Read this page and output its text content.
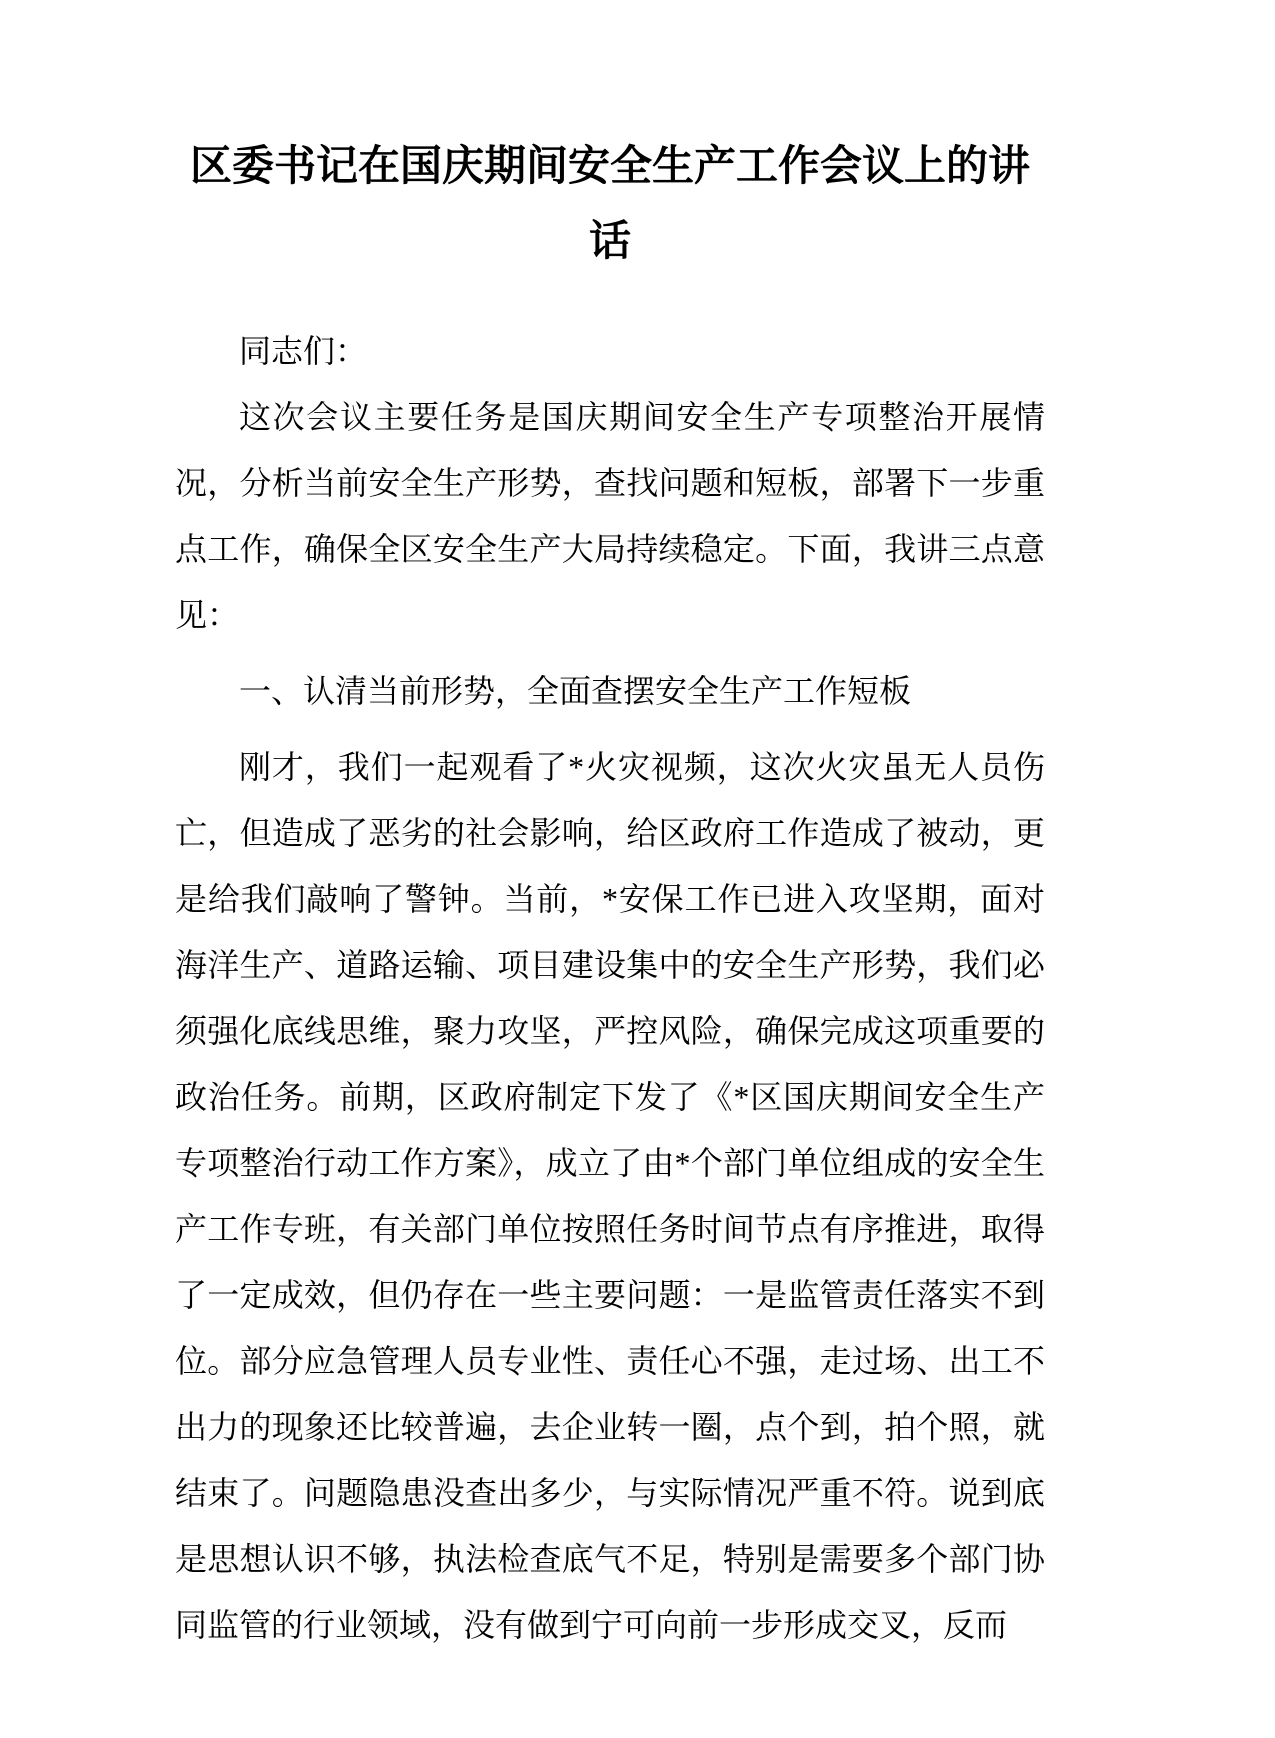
区委书记在国庆期间安全生产工作会议上的讲话

同志们：

这次会议主要任务是国庆期间安全生产专项整治开展情况，分析当前安全生产形势，查找问题和短板，部署下一步重点工作，确保全区安全生产大局持续稳定。下面，我讲三点意见：

一、认清当前形势，全面查摆安全生产工作短板

刚才，我们一起观看了*火灾视频，这次火灾虽无人员伤亡，但造成了恶劣的社会影响，给区政府工作造成了被动，更是给我们敲响了警钟。当前，*安保工作已进入攻坚期，面对海洋生产、道路运输、项目建设集中的安全生产形势，我们必须强化底线思维，聚力攻坚，严控风险，确保完成这项重要的政治任务。前期，区政府制定下发了《*区国庆期间安全生产专项整治行动工作方案》，成立了由*个部门单位组成的安全生产工作专班，有关部门单位按照任务时间节点有序推进，取得了一定成效，但仍存在一些主要问题：一是监管责任落实不到位。部分应急管理人员专业性、责任心不强，走过场、出工不出力的现象还比较普遍，去企业转一圈，点个到，拍个照，就结束了。问题隐患没查出多少，与实际情况严重不符。说到底是思想认识不够，执法检查底气不足，特别是需要多个部门协同监管的行业领域，没有做到宁可向前一步形成交叉，反而
